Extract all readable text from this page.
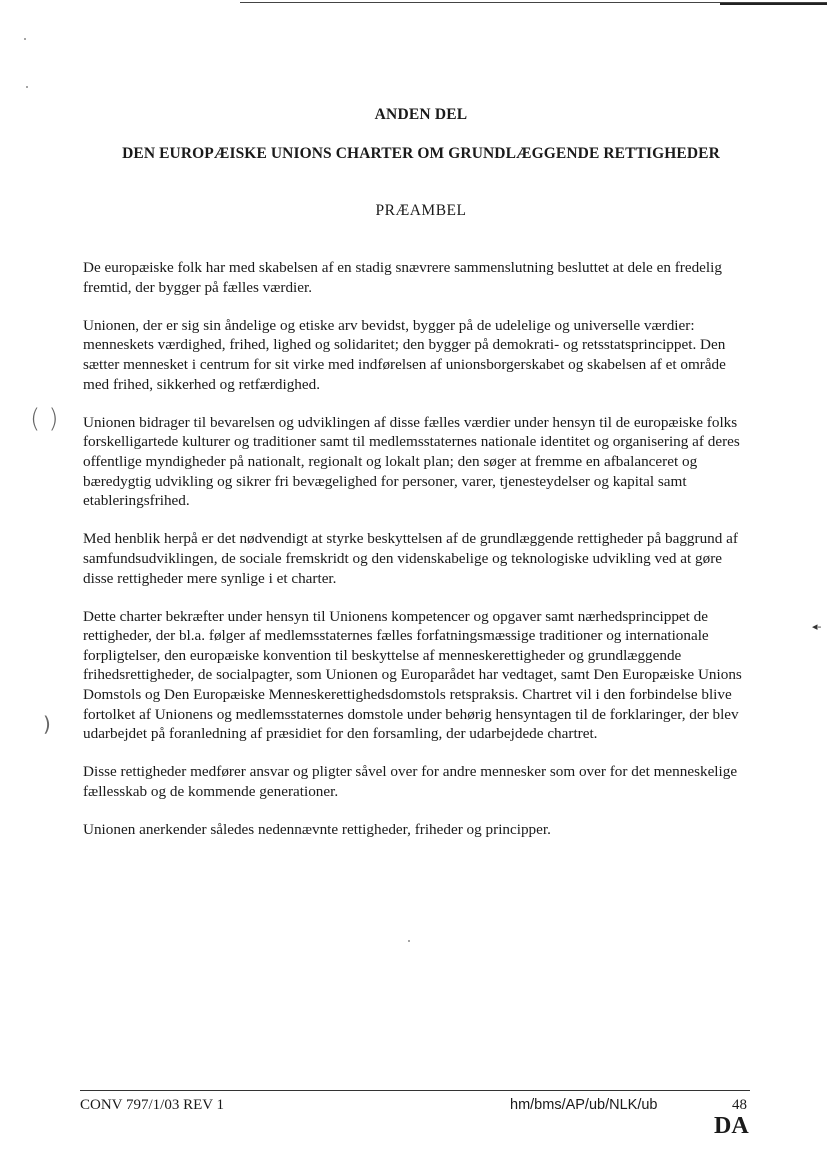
ANDEN DEL
DEN EUROPÆISKE UNIONS CHARTER OM GRUNDLÆGGENDE RETTIGHEDER
PRÆAMBEL

De europæiske folk har med skabelsen af en stadig snævrere sammenslutning besluttet at dele en fredelig fremtid, der bygger på fælles værdier.

Unionen, der er sig sin åndelige og etiske arv bevidst, bygger på de udelelige og universelle værdier: menneskets værdighed, frihed, lighed og solidaritet; den bygger på demokrati- og retsstatsprincippet. Den sætter mennesket i centrum for sit virke med indførelsen af unionsborgerskabet og skabelsen af et område med frihed, sikkerhed og retfærdighed.

Unionen bidrager til bevarelsen og udviklingen af disse fælles værdier under hensyn til de europæiske folks forskelligartede kulturer og traditioner samt til medlemsstaternes nationale identitet og organisering af deres offentlige myndigheder på nationalt, regionalt og lokalt plan; den søger at fremme en afbalanceret og bæredygtig udvikling og sikrer fri bevægelighed for personer, varer, tjenesteydelser og kapital samt etableringsfrihed.

Med henblik herpå er det nødvendigt at styrke beskyttelsen af de grundlæggende rettigheder på baggrund af samfundsudviklingen, de sociale fremskridt og den videnskabelige og teknologiske udvikling ved at gøre disse rettigheder mere synlige i et charter.

Dette charter bekræfter under hensyn til Unionens kompetencer og opgaver samt nærhedsprincippet de rettigheder, der bl.a. følger af medlemsstaternes fælles forfatningsmæssige traditioner og internationale forpligtelser, den europæiske konvention til beskyttelse af menneskerettigheder og grundlæggende frihedsrettigheder, de socialpagter, som Unionen og Europarådet har vedtaget, samt Den Europæiske Unions Domstols og Den Europæiske Menneskerettighedsdomstols retspraksis. Chartret vil i den forbindelse blive fortolket af Unionens og medlemsstaternes domstole under behørig hensyntagen til de forklaringer, der blev udarbejdet på foranledning af præsidiet for den forsamling, der udarbejdede chartret.

Disse rettigheder medfører ansvar og pligter såvel over for andre mennesker som over for det menneskelige fællesskab og de kommende generationer.

Unionen anerkender således nedennævnte rettigheder, friheder og principper.

( )
)
◂-
CONV 797/1/03 REV 1	hm/bms/AP/ub/NLK/ub	48
DA
